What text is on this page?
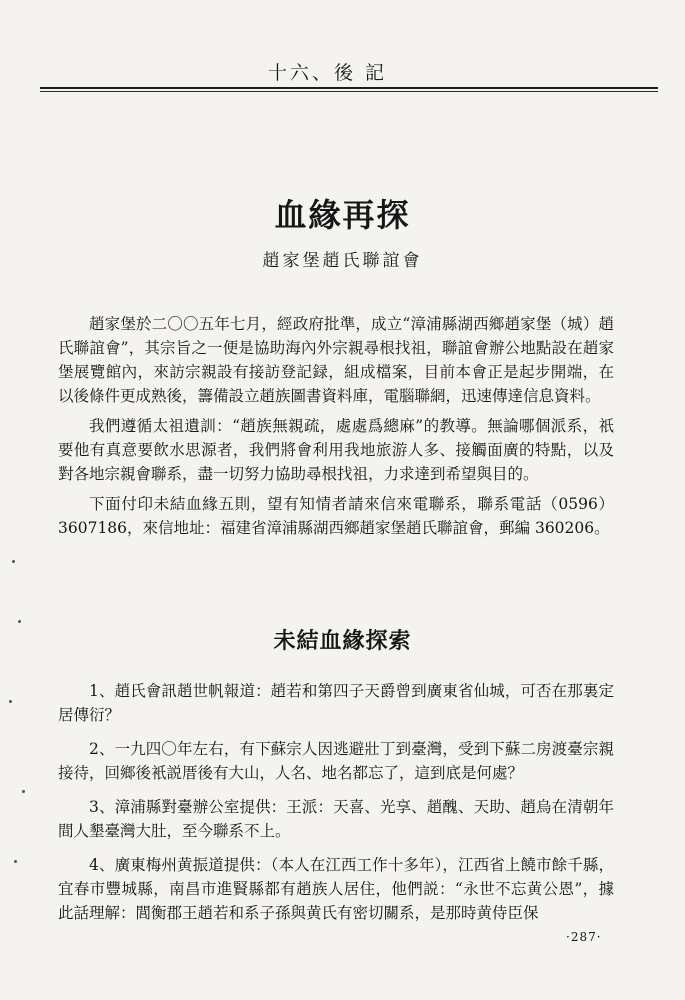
十六、後 記
血緣再探
趙家堡趙氏聯誼會

趙家堡於二〇〇五年七月，經政府批準，成立“漳浦縣湖西鄉趙家堡（城）趙氏聯誼會”，其宗旨之一便是協助海內外宗親尋根找祖，聯誼會辦公地點設在趙家堡展覽館內，來訪宗親設有接訪登記録，組成檔案，目前本會正是起步開端，在以後條件更成熟後，籌備設立趙族圖書資料庫，電腦聯網，迅速傳達信息資料。

我們遵循太祖遺訓：“趙族無親疏，處處爲總麻”的教導。無論哪個派系，祇要他有真意要飲水思源者，我們將會利用我地旅游人多、接觸面廣的特點，以及對各地宗親會聯系，盡一切努力協助尋根找祖，力求達到希望與目的。

下面付印未結血緣五則，望有知情者請來信來電聯系，聯系電話（0596）3607186，來信地址：福建省漳浦縣湖西鄉趙家堡趙氏聯誼會，郵編 360206。

未結血緣探索

1、趙氏會訊趙世帆報道：趙若和第四子天爵曾到廣東省仙城，可否在那裏定居傳衍？

2、一九四〇年左右，有下蘇宗人因逃避壯丁到臺灣，受到下蘇二房渡臺宗親接待，回鄉後衹説厝後有大山，人名、地名都忘了，這到底是何處？

3、漳浦縣對臺辦公室提供：王派：天喜、光享、趙醜、天助、趙烏在清朝年間人墾臺灣大肚，至今聯系不上。

4、廣東梅州黄振道提供：（本人在江西工作十多年），江西省上饒市餘千縣，宜春市豐城縣，南昌市進賢縣都有趙族人居住，他們説：“永世不忘黄公恩”，據此話理解：閭衡郡王趙若和系子孫與黄氏有密切關系，是那時黄侍臣保

·287·
